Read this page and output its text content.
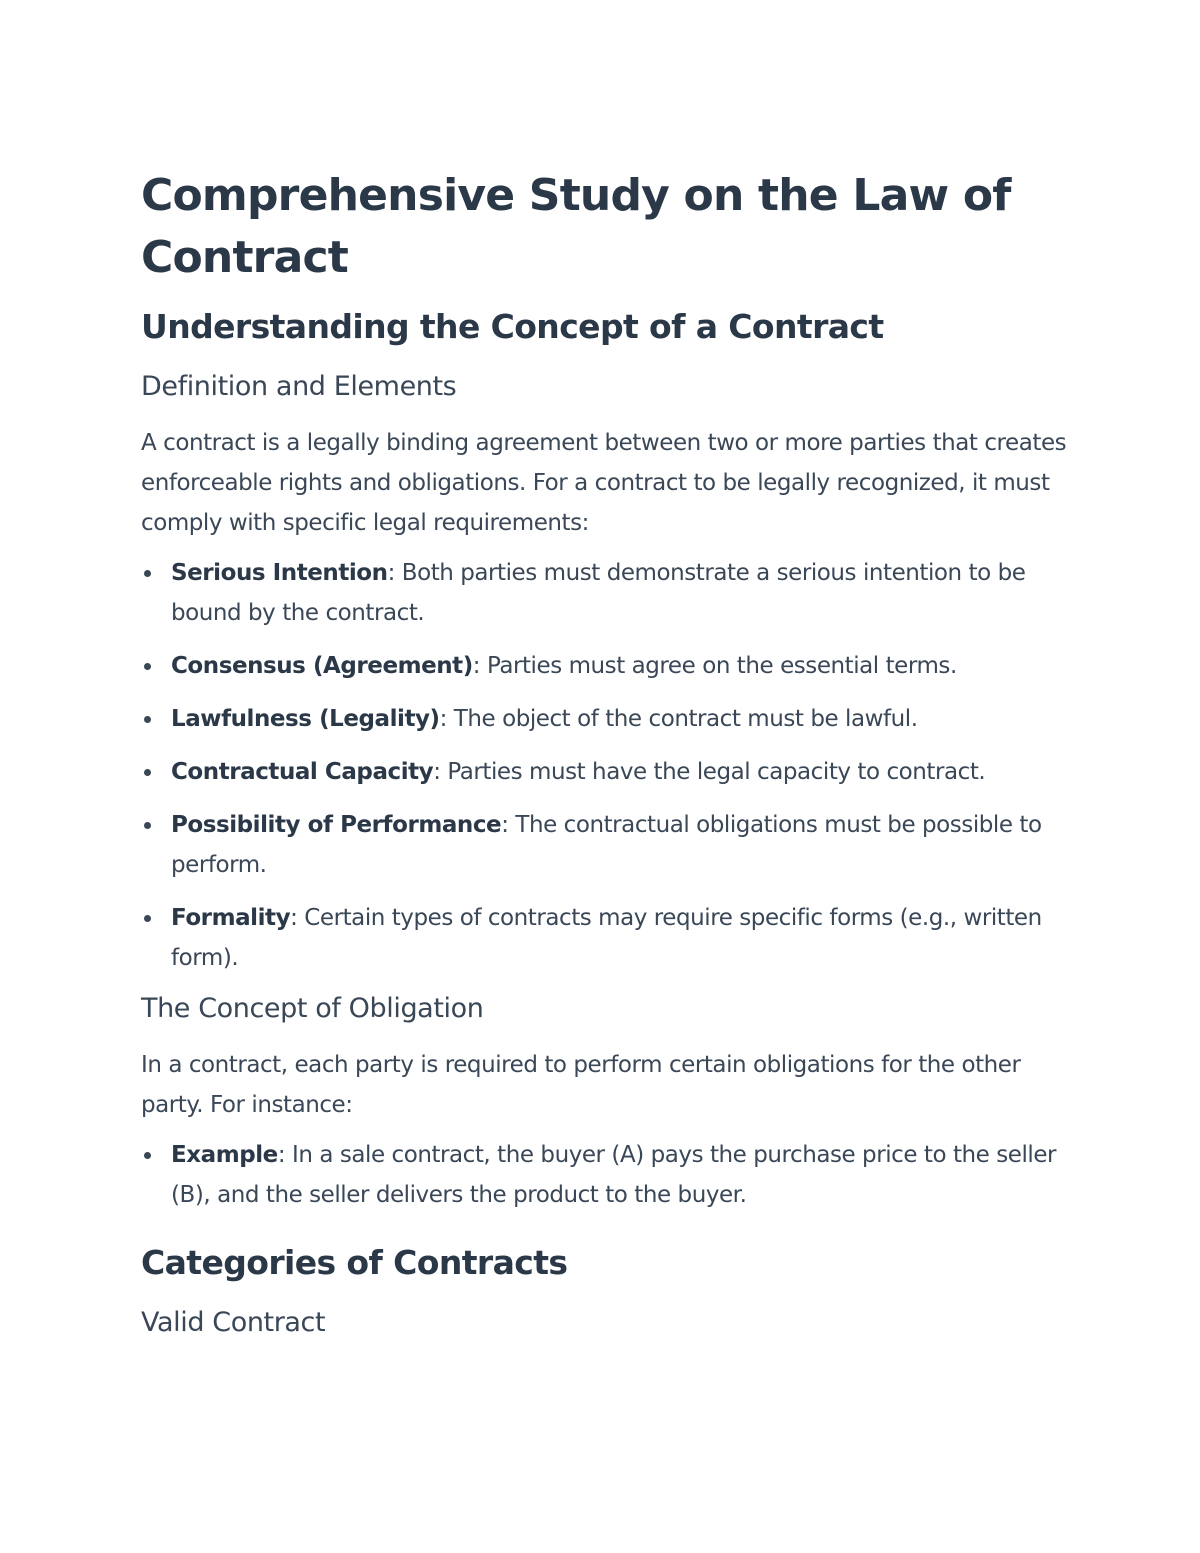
Comprehensive Study on the Law of Contract
Understanding the Concept of a Contract
Definition and Elements

A contract is a legally binding agreement between two or more parties that creates enforceable rights and obligations. For a contract to be legally recognized, it must comply with specific legal requirements:

Serious Intention: Both parties must demonstrate a serious intention to be bound by the contract.
Consensus (Agreement): Parties must agree on the essential terms.
Lawfulness (Legality): The object of the contract must be lawful.
Contractual Capacity: Parties must have the legal capacity to contract.
Possibility of Performance: The contractual obligations must be possible to perform.
Formality: Certain types of contracts may require specific forms (e.g., written form).
The Concept of Obligation

In a contract, each party is required to perform certain obligations for the other party. For instance:

Example: In a sale contract, the buyer (A) pays the purchase price to the seller (B), and the seller delivers the product to the buyer.
Categories of Contracts
Valid Contract
